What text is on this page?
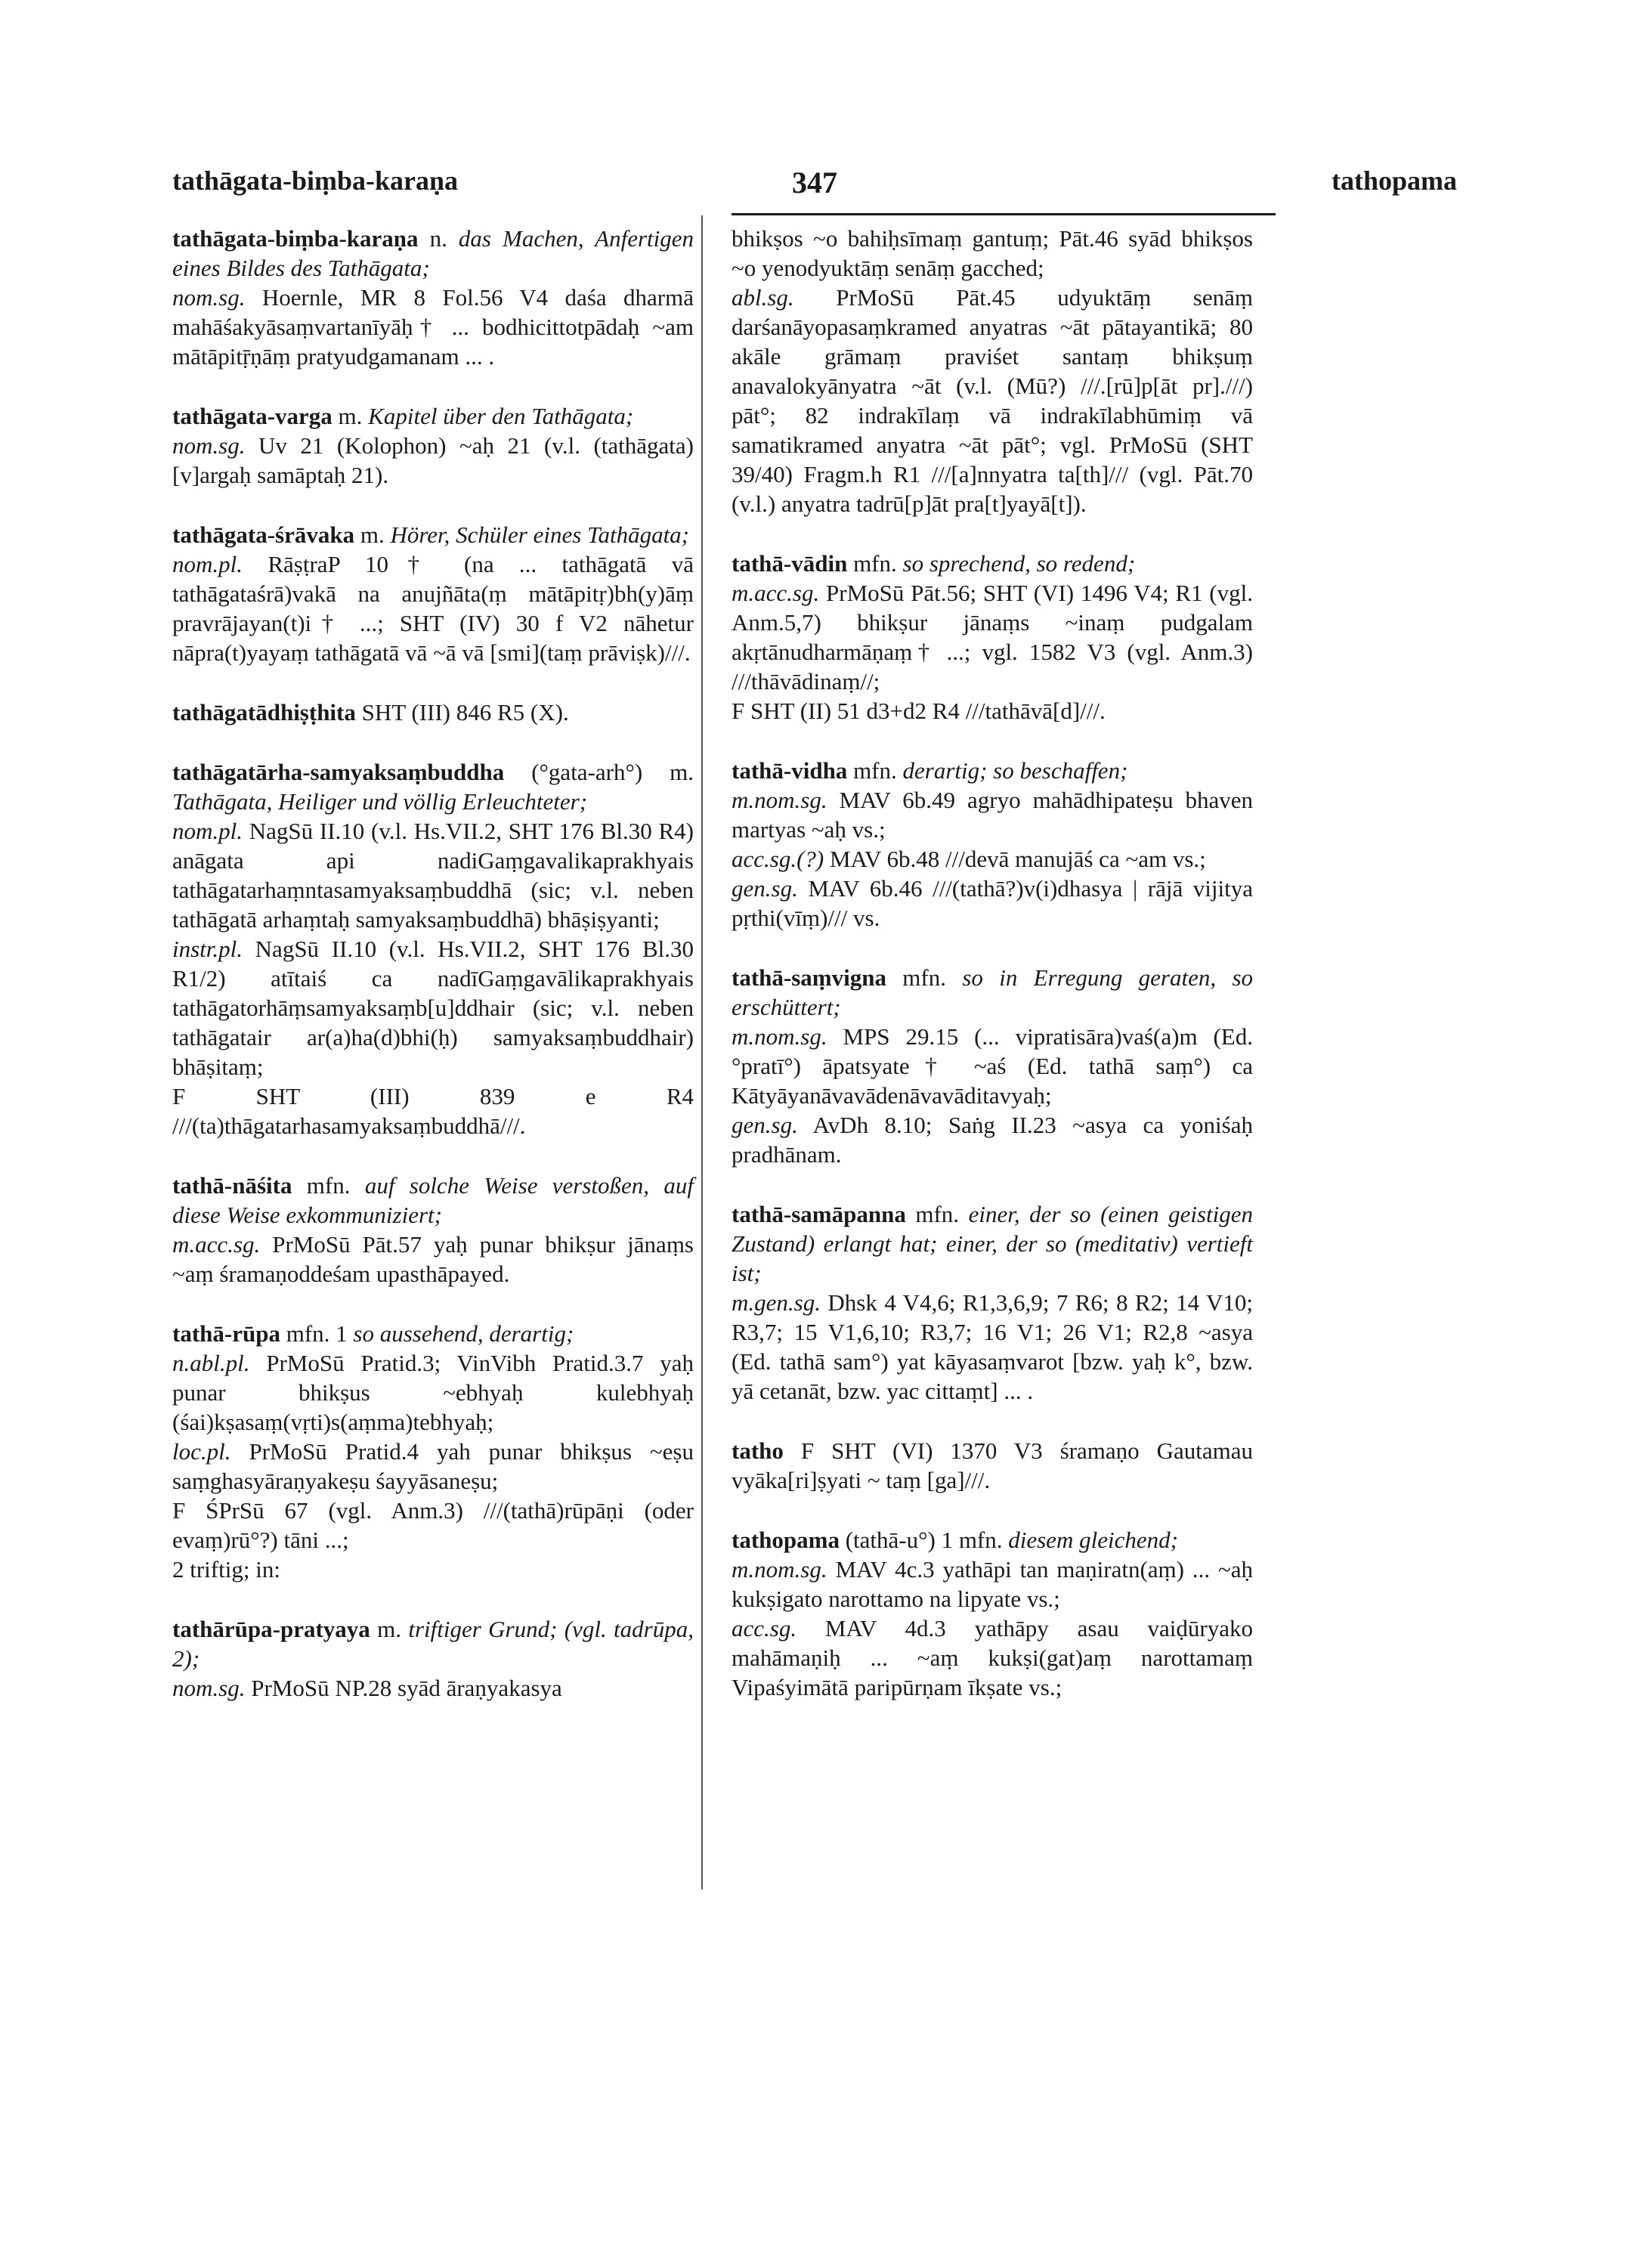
tathāgata-biṃba-karaṇa	347	tathopama

tathāgata-biṃba-karaṇa n. das Machen, Anfertigen eines Bildes des Tathāgata;

nom.sg. Hoernle, MR 8 Fol.56 V4 daśa dharmā mahāśakyāsaṃvartanīyāḥ† ... bodhicittotpādaḥ ~am mātāpitṝṇāṃ pratyudgamanam ... .

tathāgata-varga m. Kapitel über den Tathāgata;

nom.sg. Uv 21 (Kolophon) ~aḥ 21 (v.l. (tathāgata)[v]argaḥ samāptaḥ 21).

tathāgata-śrāvaka m. Hörer, Schüler eines Tathāgata;

nom.pl. RāṣṭraP 10† (na ... tathāgatā vā tathāgataśrā)vakā na anujñāta(ṃ mātāpitṛ)bh(y)āṃ pravrājayan(t)i† ...; SHT (IV) 30 f V2 nāhetur nāpra(t)yayaṃ tathāgatā vā ~ā vā [smi](taṃ prāviṣk)///.

tathāgatādhiṣṭhita SHT (III) 846 R5 (X).

tathāgatārha-samyaksaṃbuddha (°gata-arh°) m. Tathāgata, Heiliger und völlig Erleuchteter;

nom.pl. NagSū II.10 (v.l. Hs.VII.2, SHT 176 Bl.30 R4) anāgata api nadiGaṃgavalikaprakhyais tathāgatarhaṃntasamyaksaṃbuddhā (sic; v.l. neben tathāgatā arhaṃtaḥ samyaksaṃbuddhā) bhāṣiṣyanti;

instr.pl. NagSū II.10 (v.l. Hs.VII.2, SHT 176 Bl.30 R1/2) atītaiś ca nadīGaṃgavālikaprakhyais tathāgatorhāṃsamyaksaṃb[u]ddhair (sic; v.l. neben tathāgatair ar(a)ha(d)bhi(ḥ) samyaksaṃbuddhair) bhāṣitaṃ;

F SHT (III) 839 e R4 ///(ta)thāgatarhasamyaksaṃbuddhā///.

tathā-nāśita mfn. auf solche Weise verstoßen, auf diese Weise exkommuniziert;

m.acc.sg. PrMoSū Pāt.57 yaḥ punar bhikṣur jānaṃs ~aṃ śramaṇoddeśam upasthāpayed.

tathā-rūpa mfn. 1 so aussehend, derartig;

n.abl.pl. PrMoSū Pratid.3; VinVibh Pratid.3.7 yaḥ punar bhikṣus ~ebhyaḥ kulebhyaḥ (śai)kṣasaṃ(vṛti)s(aṃma)tebhyaḥ;

loc.pl. PrMoSū Pratid.4 yah punar bhikṣus ~eṣu saṃghasyāraṇyakeṣu śayyāsaneṣu;

F ŚPrSū 67 (vgl. Anm.3) ///(tathā)rūpāṇi (oder evaṃ)rū°?) tāni ...;

2 triftig; in:

tathārūpa-pratyaya m. triftiger Grund; (vgl. tadrūpa, 2);

nom.sg. PrMoSū NP.28 syād āraṇyakasya

bhikṣos ~o bahiḥsīmaṃ gantuṃ; Pāt.46 syād bhikṣos ~o yenodyuktāṃ senāṃ gacched;

abl.sg. PrMoSū Pāt.45 udyuktāṃ senāṃ darśanāyopasaṃkramed anyatras ~āt pātayantikā; 80 akāle grāmaṃ praviśet santaṃ bhikṣuṃ anavalokyānyatra ~āt (v.l. (Mū?) ///.[rū]p[āt pr].///) pāt°; 82 indrakīlaṃ vā indrakīlabhūmiṃ vā samatikramed anyatra ~āt pāt°; vgl. PrMoSū (SHT 39/40) Fragm.h R1 ///[a]nnyatra ta[th]/// (vgl. Pāt.70 (v.l.) anyatra tadrū[p]āt pra[t]yayā[t]).

tathā-vādin mfn. so sprechend, so redend;

m.acc.sg. PrMoSū Pāt.56; SHT (VI) 1496 V4; R1 (vgl. Anm.5,7) bhikṣur jānaṃs ~inaṃ pudgalam akṛtānudharmāṇaṃ† ...; vgl. 1582 V3 (vgl. Anm.3) ///thāvādinaṃ//;

F SHT (II) 51 d3+d2 R4 ///tathāvā[d]///.

tathā-vidha mfn. derartig; so beschaffen;

m.nom.sg. MAV 6b.49 agryo mahādhipateṣu bhaven martyas ~aḥ vs.;

acc.sg.(?) MAV 6b.48 ///devā manujāś ca ~am vs.;

gen.sg. MAV 6b.46 ///(tathā?)v(i)dhasya | rājā vijitya pṛthi(vīṃ)/// vs.

tathā-saṃvigna mfn. so in Erregung geraten, so erschüttert;

m.nom.sg. MPS 29.15 (... vipratisāra)vaś(a)m (Ed. °pratī°) āpatsyate† ~aś (Ed. tathā saṃ°) ca Kātyāyanāvavādenāvavāditavyaḥ;

gen.sg. AvDh 8.10; Saṅg II.23 ~asya ca yoniśaḥ pradhānam.

tathā-samāpanna mfn. einer, der so (einen geistigen Zustand) erlangt hat; einer, der so (meditativ) vertieft ist;

m.gen.sg. Dhsk 4 V4,6; R1,3,6,9; 7 R6; 8 R2; 14 V10; R3,7; 15 V1,6,10; R3,7; 16 V1; 26 V1; R2,8 ~asya (Ed. tathā sam°) yat kāyasaṃvarot [bzw. yaḥ k°, bzw. yā cetanāt, bzw. yac cittaṃt] ... .

tatho F SHT (VI) 1370 V3 śramaṇo Gautamau vyāka[ri]ṣyati ~ taṃ [ga]///.

tathopama (tathā-u°) 1 mfn. diesem gleichend;

m.nom.sg. MAV 4c.3 yathāpi tan maṇiratn(aṃ) ... ~aḥ kukṣigato narottamo na lipyate vs.;

acc.sg. MAV 4d.3 yathāpy asau vaiḍūryako mahāmaṇiḥ ... ~aṃ kukṣi(gat)aṃ narottamaṃ Vipaśyimātā paripūrṇam īkṣate vs.;
